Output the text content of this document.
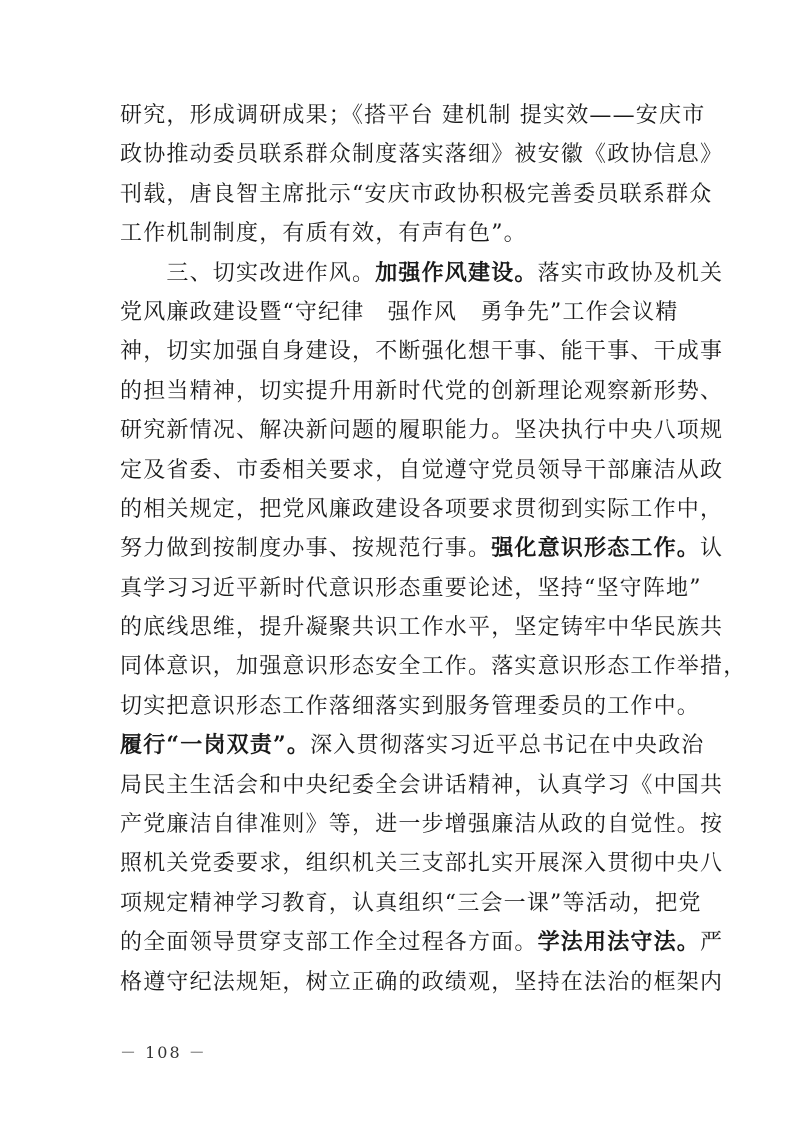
研究，形成调研成果；《搭平台 建机制 提实效——安庆市
政协推动委员联系群众制度落实落细》被安徽《政协信息》
刊载，唐良智主席批示“安庆市政协积极完善委员联系群众
工作机制制度，有质有效，有声有色”。
　　三、切实改进作风。加强作风建设。落实市政协及机关
党风廉政建设暨“守纪律　强作风　勇争先”工作会议精
神，切实加强自身建设，不断强化想干事、能干事、干成事
的担当精神，切实提升用新时代党的创新理论观察新形势、
研究新情况、解决新问题的履职能力。坚决执行中央八项规
定及省委、市委相关要求，自觉遵守党员领导干部廉洁从政
的相关规定，把党风廉政建设各项要求贯彻到实际工作中，
努力做到按制度办事、按规范行事。强化意识形态工作。认
真学习习近平新时代意识形态重要论述，坚持“坚守阵地”
的底线思维，提升凝聚共识工作水平，坚定铸牢中华民族共
同体意识，加强意识形态安全工作。落实意识形态工作举措，
切实把意识形态工作落细落实到服务管理委员的工作中。
履行“一岗双责”。深入贯彻落实习近平总书记在中央政治
局民主生活会和中央纪委全会讲话精神，认真学习《中国共
产党廉洁自律准则》等，进一步增强廉洁从政的自觉性。按
照机关党委要求，组织机关三支部扎实开展深入贯彻中央八
项规定精神学习教育，认真组织“三会一课”等活动，把党
的全面领导贯穿支部工作全过程各方面。学法用法守法。严
格遵守纪法规矩，树立正确的政绩观，坚持在法治的框架内
－ 108 －
